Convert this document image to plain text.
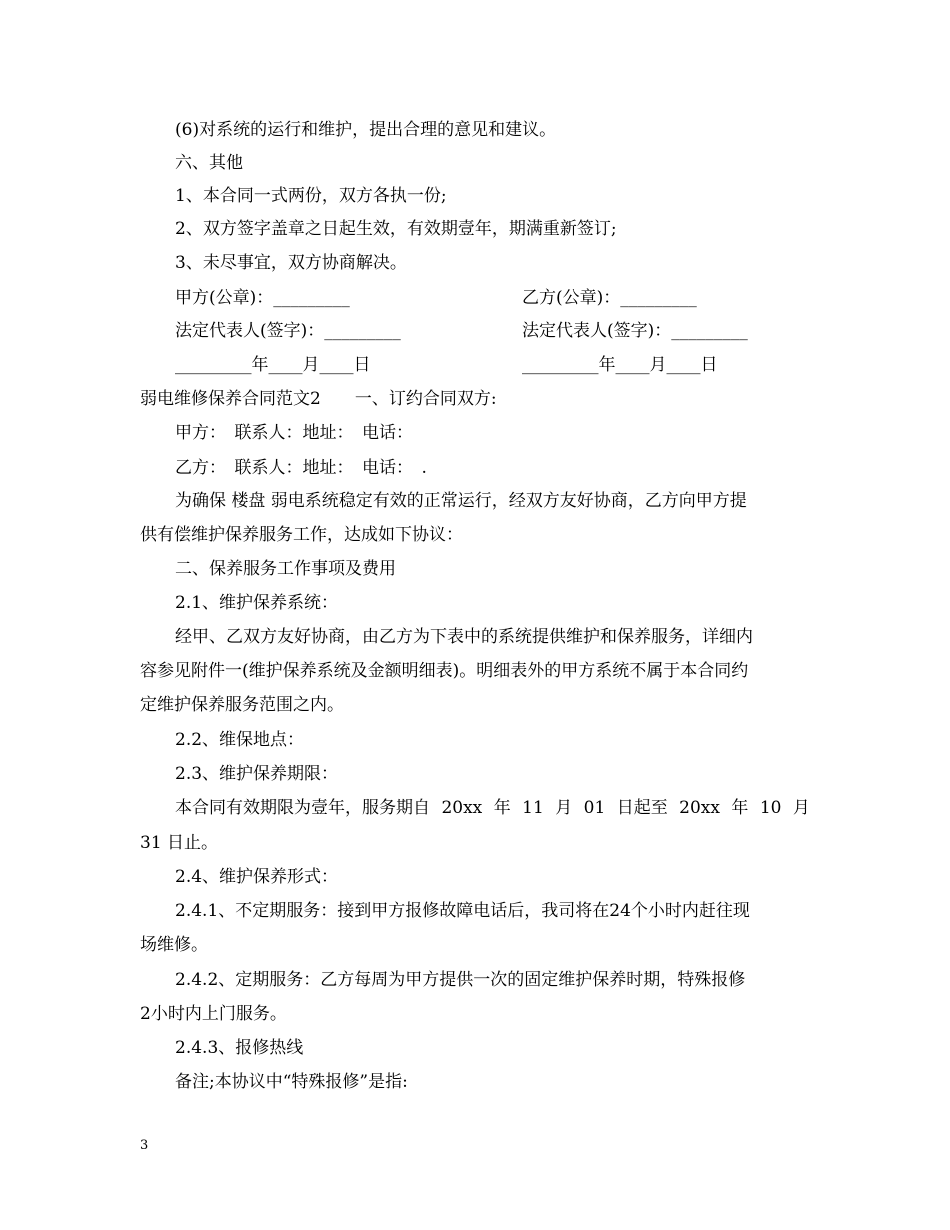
(6)对系统的运行和维护，提出合理的意见和建议。
六、其他
1、本合同一式两份，双方各执一份;
2、双方签字盖章之日起生效，有效期壹年，期满重新签订;
3、未尽事宜，双方协商解决。
甲方(公章)：_________	乙方(公章)：_________
法定代表人(签字)：_________	法定代表人(签字)：_________
_________年____月____日	_________年____月____日
弱电维修保养合同范文2　　一、订约合同双方:
甲方：　联系人：地址：　电话：
乙方：　联系人：地址：　电话：　.
为确保 楼盘 弱电系统稳定有效的正常运行，经双方友好协商，乙方向甲方提
供有偿维护保养服务工作，达成如下协议：
二、保养服务工作事项及费用
2.1、维护保养系统：
经甲、乙双方友好协商，由乙方为下表中的系统提供维护和保养服务，详细内
容参见附件一(维护保养系统及金额明细表)。明细表外的甲方系统不属于本合同约
定维护保养服务范围之内。
2.2、维保地点：
2.3、维护保养期限：
本合同有效期限为壹年，服务期自 20xx 年 11 月 01 日起至 20xx 年 10 月
31 日止。
2.4、维护保养形式：
2.4.1、不定期服务：接到甲方报修故障电话后，我司将在24个小时内赶往现
场维修。
2.4.2、定期服务：乙方每周为甲方提供一次的固定维护保养时期，特殊报修
2小时内上门服务。
2.4.3、报修热线
备注;本协议中“特殊报修”是指:
3
